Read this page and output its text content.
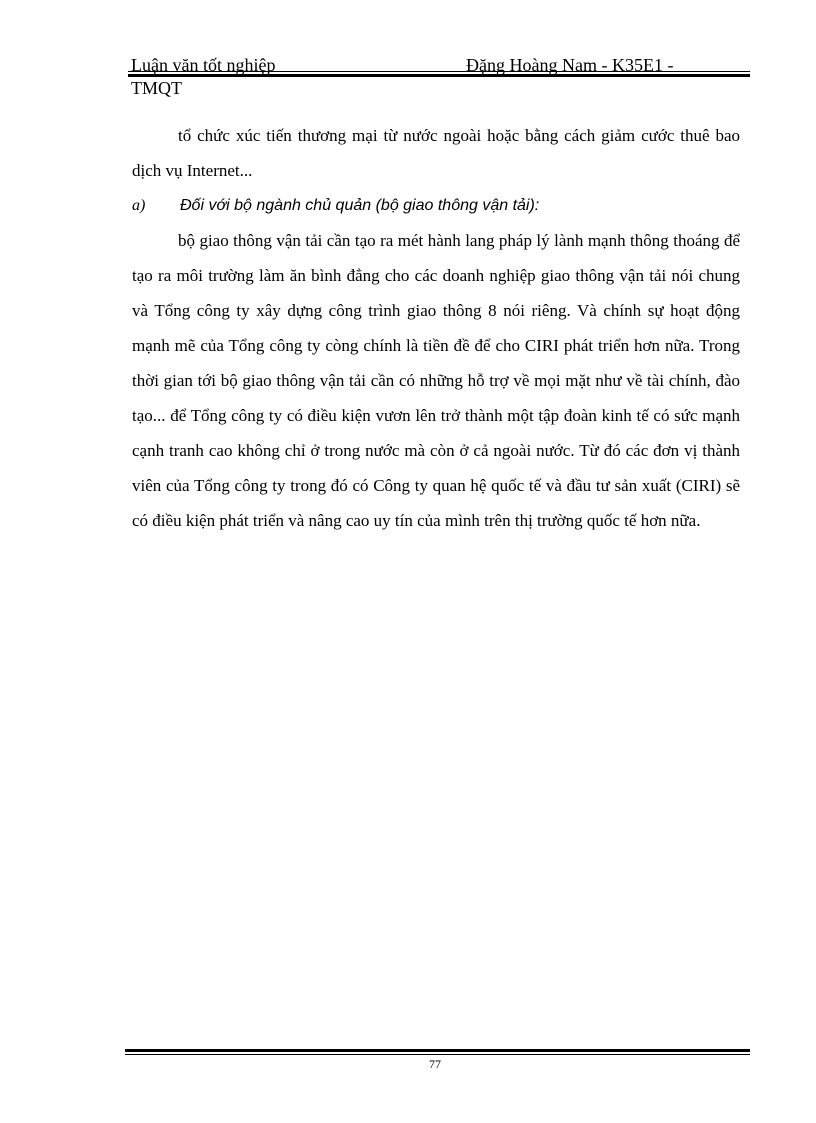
Luận văn tốt nghiệp	Đặng Hoàng Nam - K35E1 -
TMQT

tổ chức xúc tiến thương mại từ nước ngoài hoặc bằng cách giảm cước thuê bao dịch vụ Internet...

a) Đối với bộ ngành chủ quản (bộ giao thông vận tải):

bộ giao thông vận tải cần tạo ra mét hành lang pháp lý lành mạnh thông thoáng để tạo ra môi trường làm ăn bình đẳng cho các doanh nghiệp giao thông vận tải nói chung và Tổng công ty xây dựng công trình giao thông 8 nói riêng. Và chính sự hoạt động mạnh mẽ của Tổng công ty còng chính là tiền đề để cho CIRI phát triển hơn nữa. Trong thời gian tới bộ giao thông vận tải cần có những hỗ trợ về mọi mặt như về tài chính, đào tạo... để Tổng công ty có điều kiện vươn lên trở thành một tập đoàn kinh tế có sức mạnh cạnh tranh cao không chỉ ở trong nước mà còn ở cả ngoài nước. Từ đó các đơn vị thành viên của Tổng công ty trong đó có Công ty quan hệ quốc tế và đầu tư sản xuất (CIRI) sẽ có điều kiện phát triển và nâng cao uy tín của mình trên thị trường quốc tế hơn nữa.

77
